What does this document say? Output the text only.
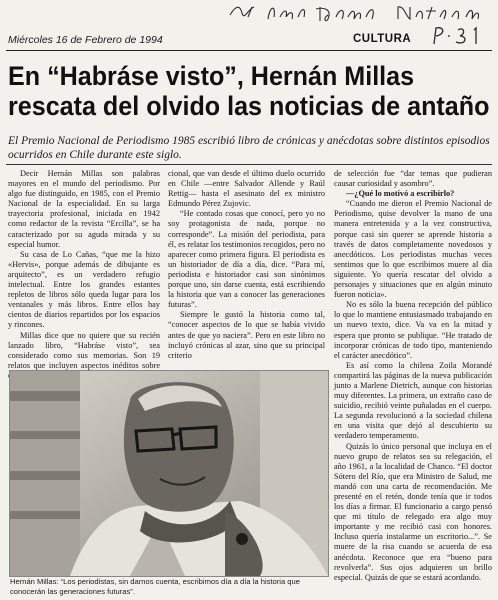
Miércoles 16 de Febrero de 1994	CULTURA
En “Habráse visto”, Hernán Millas
rescata del olvido las noticias de antaño
El Premio Nacional de Periodismo 1985 escribió libro de crónicas y anécdotas sobre distintos episodios ocurridos en Chile durante este siglo.

Decir Hernán Millas son palabras mayores en el mundo del periodismo. Por algo fue distinguido, en 1985, con el Premio Nacional de la especialidad. En su larga trayectoria profesional, iniciada en 1942 como redactor de la revista “Ercilla”, se ha caracterizado por su aguda mirada y su especial humor.

Su casa de Lo Cañas, “que me la hizo «Hervis», porque además de dibujante es arquitecto”, es un verdadero refugio intelectual. Entre los grandes estantes repletos de libros sólo queda lugar para los ventanales y más libros. Entre ellos hay cientos de diarios repartidos por los espacios y rincones.

Millas dice que no quiere que su recién lanzado libro, “Habráse visto”, sea considerado como sus memorias. Son 19 relatos que incluyen aspectos inéditos sobre

cional, que van desde el último duelo ocurrido en Chile —entre Salvador Allende y Raúl Rettig— hasta el asesinato del ex ministro Edmundo Pérez Zujovic.

“He contado cosas que conocí, pero yo no soy protagonista de nada, porque no corresponde”. La misión del periodista, para él, es relatar los testimonios recogidos, pero no aparecer como primera figura. El periodista es un historiador de día a día, dice. “Para mí, periodista e historiador casi son sinónimos porque uno, sin darse cuenta, está escribiendo la historia que van a conocer las generaciones futuras”.

Siempre le gustó la historia como tal, “conocer aspectos de lo que se había vivido antes de que yo naciera”. Pero en este libro no incluyó crónicas al azar, sino que su principal criterio

de selección fue “dar temas que pudieran causar curiosidad y asombro”.

—¿Qué lo motivó a escribirlo?

“Cuando me dieron el Premio Nacional de Periodismo, quise devolver la mano de una manera entretenida y a la vez constructiva, porque casi sin querer se aprende historia a través de datos completamente novedosos y anecdóticos. Los periodistas muchas veces sentimos que lo que escribimos muere al día siguiente. Yo quería rescatar del olvido a personajes y situaciones que en algún minuto fueron noticia».

No es sólo la buena recepción del público lo que lo mantiene entusiasmado trabajando en un nuevo texto, dice. Va va en la mitad y espera que pronto se publique. “He tratado de incorporar crónicas de todo tipo, manteniendo el carácter anecdótico”.

Es así como la chilena Zoila Morandé compartirá las páginas de la nueva publicación junto a Marlene Dietrich, aunque con historias muy diferentes. La primera, un extraño caso de suicidio, recibió veinte puñaladas en el cuerpo. La segunda revolucionó a la sociedad chilena en una visita que dejó al descubierto su verdadero temperamento.

Quizás lo único personal que incluya en el nuevo grupo de relatos sea su relegación, el año 1961, a la localidad de Chanco. “El doctor Sótero del Río, que era Ministro de Salud, me mandó con una carta de recomendación. Me presenté en el retén, donde tenía que ir todos los días a firmar. El funcionario a cargo pensó que mi título de relegado era algo muy importante y me recibió casi con honores. Incluso quería instalarme un escritorio...”. Se muere de la risa cuando se acuerda de esa anécdota. Reconoce que era “bueno para revolverla”. Sus ojos adquieren un brillo especial. Quizás de que se estará acordando.

Hernán Millas: “Los periodistas, sin darnos cuenta, escribimos día a día la historia que conocerán las generaciones futuras”.
